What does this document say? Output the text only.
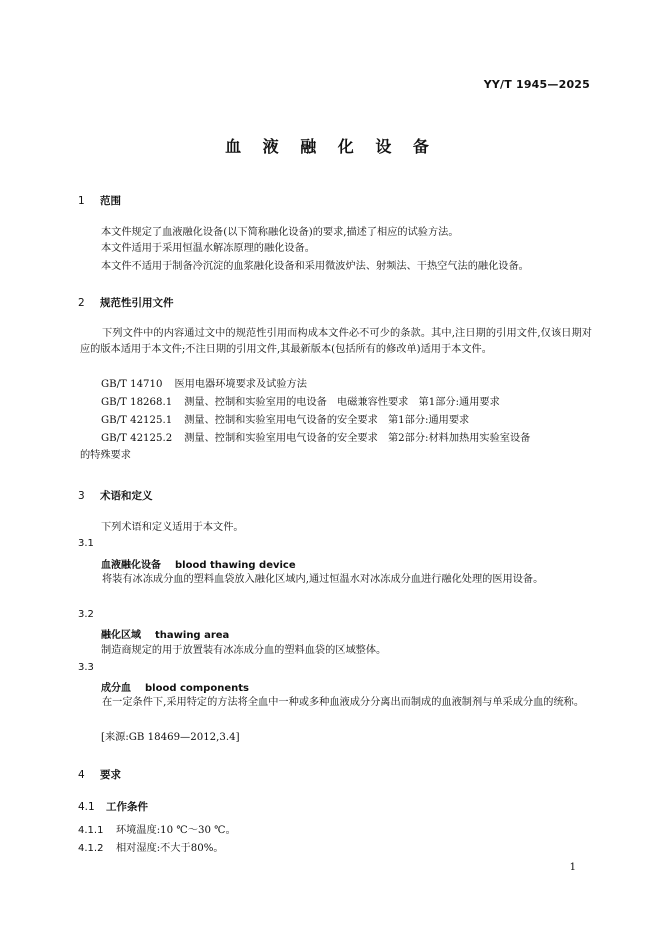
YY/T 1945—2025
血 液 融 化 设 备
1 范围
本文件规定了血液融化设备(以下简称融化设备)的要求,描述了相应的试验方法。
本文件适用于采用恒温水解冻原理的融化设备。
本文件不适用于制备冷沉淀的血浆融化设备和采用微波炉法、射频法、干热空气法的融化设备。
2 规范性引用文件
下列文件中的内容通过文中的规范性引用而构成本文件必不可少的条款。其中,注日期的引用文件,仅该日期对应的版本适用于本文件;不注日期的引用文件,其最新版本(包括所有的修改单)适用于本文件。
GB/T 14710 医用电器环境要求及试验方法
GB/T 18268.1 测量、控制和实验室用的电设备　电磁兼容性要求　第1部分:通用要求
GB/T 42125.1 测量、控制和实验室用电气设备的安全要求　第1部分:通用要求
GB/T 42125.2 测量、控制和实验室用电气设备的安全要求　第2部分:材料加热用实验室设备
的特殊要求
3 术语和定义
下列术语和定义适用于本文件。
3.1
血液融化设备 blood thawing device
将装有冰冻成分血的塑料血袋放入融化区域内,通过恒温水对冰冻成分血进行融化处理的医用设备。
3.2
融化区域 thawing area
制造商规定的用于放置装有冰冻成分血的塑料血袋的区域整体。
3.3
成分血 blood components
在一定条件下,采用特定的方法将全血中一种或多种血液成分分离出而制成的血液制剂与单采成分血的统称。
[来源:GB 18469—2012,3.4]
4 要求
4.1 工作条件
4.1.1 环境温度:10 ℃～30 ℃。
4.1.2 相对湿度:不大于80%。
1
